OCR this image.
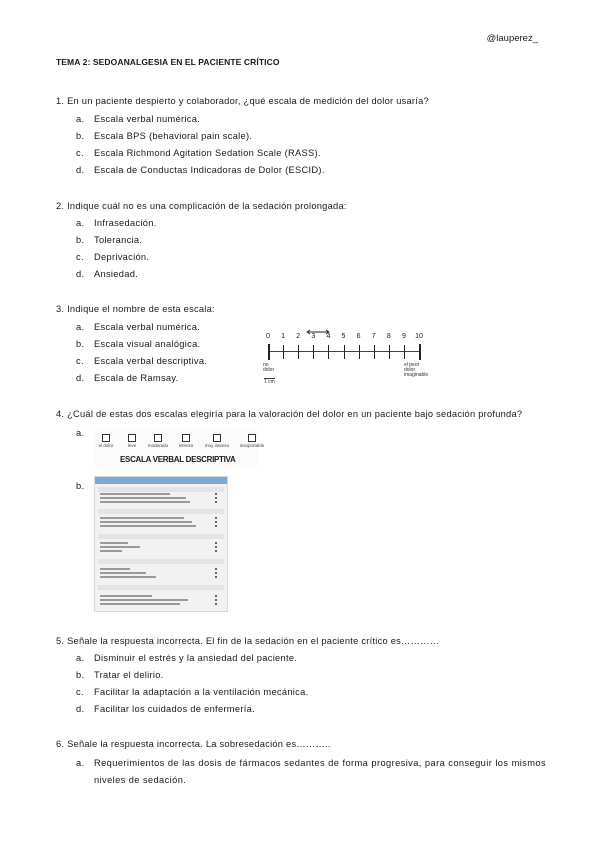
@lauperez_
TEMA 2: SEDOANALGESIA EN EL PACIENTE CRÍTICO
1. En un paciente despierto y colaborador, ¿qué escala de medición del dolor usaría?
a. Escala verbal numérica.
b. Escala BPS (behavioral pain scale).
c. Escala Richmond Agitation Sedation Scale (RASS).
d. Escala de Conductas Indicadoras de Dolor (ESCID).
2. Indique cuál no es una complicación de la sedación prolongada:
a. Infrasedación.
b. Tolerancia.
c. Deprivación.
d. Ansiedad.
3. Indique el nombre de esta escala:
a. Escala verbal numérica.
b. Escala visual analógica.
c. Escala verbal descriptiva.
d. Escala de Ramsay.
no dolor
1 cm
el peor dolor imaginable
0 1 2 3 4 5 6 7 8 9 10
4. ¿Cuál de estas dos escalas elegiría para la valoración del dolor en un paciente bajo sedación profunda?
a.
ESCALA VERBAL DESCRIPTIVA
el dolor	leve	moderado intenso	muy intenso insoportable
b.
5. Señale la respuesta incorrecta. El fin de la sedación en el paciente crítico es…………
a. Disminuir el estrés y la ansiedad del paciente.
b. Tratar el delirio.
c. Facilitar la adaptación a la ventilación mecánica.
d. Facilitar los cuidados de enfermería.
6. Señale la respuesta incorrecta. La sobresedación es………..
a. Requerimientos de las dosis de fármacos sedantes de forma progresiva, para conseguir los mismos niveles de sedación.
